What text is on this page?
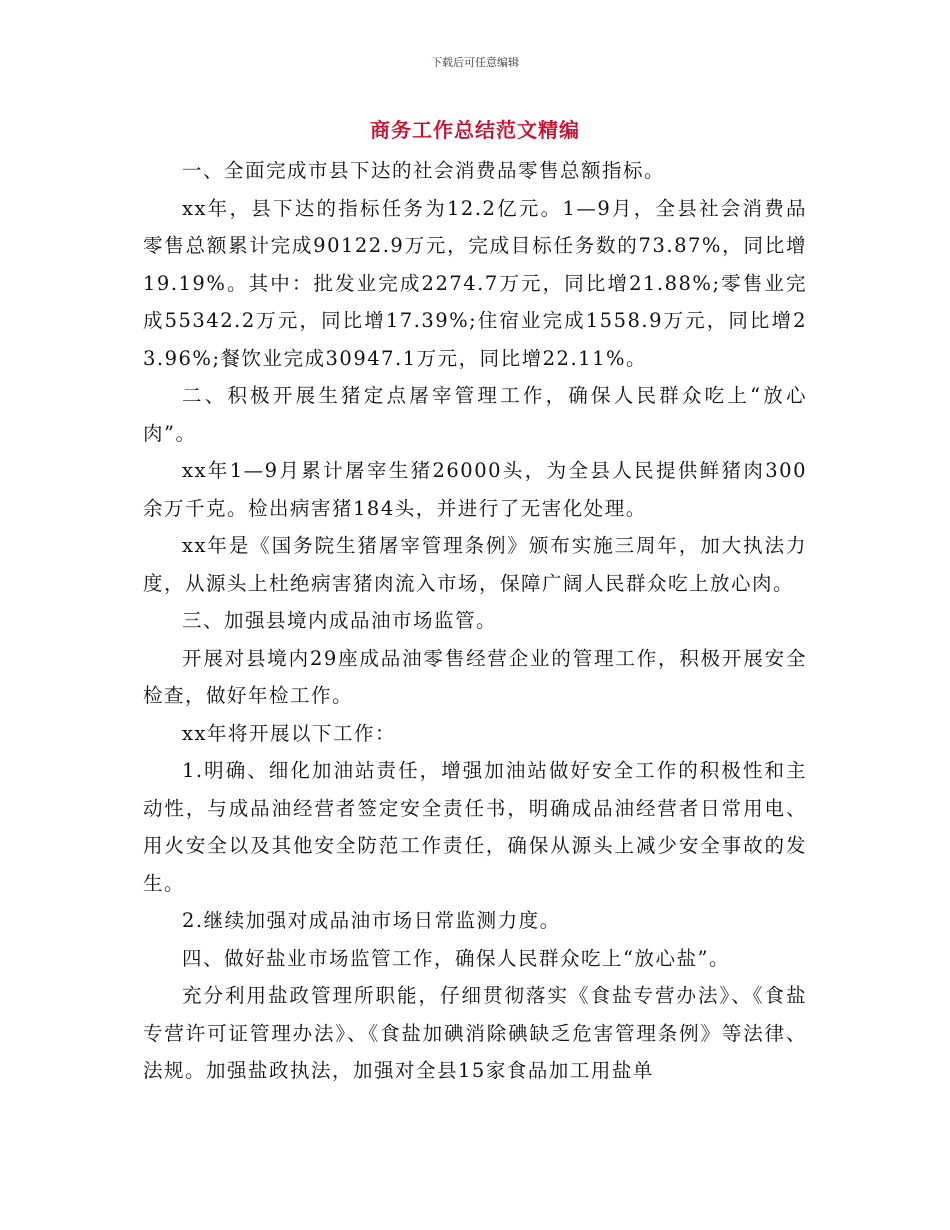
下载后可任意编辑
商务工作总结范文精编

一、全面完成市县下达的社会消费品零售总额指标。

xx年，县下达的指标任务为12.2亿元。1—9月，全县社会消费品零售总额累计完成90122.9万元，完成目标任务数的73.87%，同比增19.19%。其中：批发业完成2274.7万元，同比增21.88%;零售业完成55342.2万元，同比增17.39%;住宿业完成1558.9万元，同比增23.96%;餐饮业完成30947.1万元，同比增22.11%。

二、积极开展生猪定点屠宰管理工作，确保人民群众吃上“放心肉”。

xx年1—9月累计屠宰生猪26000头，为全县人民提供鲜猪肉300余万千克。检出病害猪184头，并进行了无害化处理。

xx年是《国务院生猪屠宰管理条例》颁布实施三周年，加大执法力度，从源头上杜绝病害猪肉流入市场，保障广阔人民群众吃上放心肉。

三、加强县境内成品油市场监管。

开展对县境内29座成品油零售经营企业的管理工作，积极开展安全检查，做好年检工作。

xx年将开展以下工作：

1.明确、细化加油站责任，增强加油站做好安全工作的积极性和主动性，与成品油经营者签定安全责任书，明确成品油经营者日常用电、用火安全以及其他安全防范工作责任，确保从源头上减少安全事故的发生。

2.继续加强对成品油市场日常监测力度。

四、做好盐业市场监管工作，确保人民群众吃上“放心盐”。

充分利用盐政管理所职能，仔细贯彻落实《食盐专营办法》、《食盐专营许可证管理办法》、《食盐加碘消除碘缺乏危害管理条例》等法律、法规。加强盐政执法，加强对全县15家食品加工用盐单
